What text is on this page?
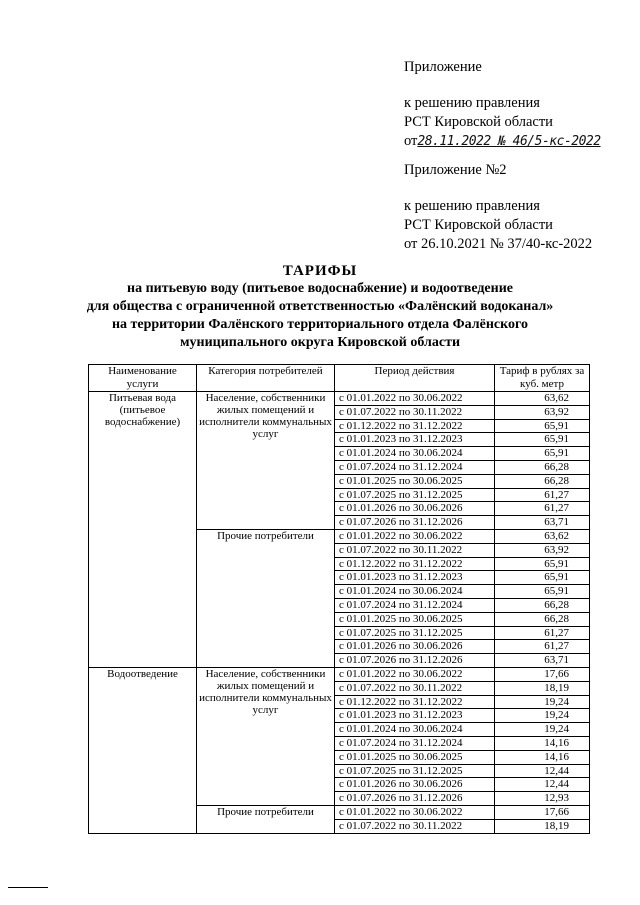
Приложение
к решению правления
РСТ Кировской области
от28.11.2022 № 46/5-кс-2022
Приложение №2
к решению правления
РСТ Кировской области
от 26.10.2021 № 37/40-кс-2022
ТАРИФЫ
на питьевую воду (питьевое водоснабжение) и водоотведение
для общества с ограниченной ответственностью «Фалёнский водоканал»
на территории Фалёнского территориального отдела Фалёнского
муниципального округа Кировской области
Наименование услуги	Категория потребителей	Период действия	Тариф в рублях за куб. метр
Питьевая вода (питьевое водоснабжение)	Население, собственники жилых помещений и исполнители коммунальных услуг	с 01.01.2022 по 30.06.2022	63,62
		с 01.07.2022 по 30.11.2022	63,92
		с 01.12.2022 по 31.12.2022	65,91
		с 01.01.2023 по 31.12.2023	65,91
		с 01.01.2024 по 30.06.2024	65,91
		с 01.07.2024 по 31.12.2024	66,28
		с 01.01.2025 по 30.06.2025	66,28
		с 01.07.2025 по 31.12.2025	61,27
		с 01.01.2026 по 30.06.2026	61,27
		с 01.07.2026 по 31.12.2026	63,71
	Прочие потребители	с 01.01.2022 по 30.06.2022	63,62
		с 01.07.2022 по 30.11.2022	63,92
		с 01.12.2022 по 31.12.2022	65,91
		с 01.01.2023 по 31.12.2023	65,91
		с 01.01.2024 по 30.06.2024	65,91
		с 01.07.2024 по 31.12.2024	66,28
		с 01.01.2025 по 30.06.2025	66,28
		с 01.07.2025 по 31.12.2025	61,27
		с 01.01.2026 по 30.06.2026	61,27
		с 01.07.2026 по 31.12.2026	63,71
Водоотведение	Население, собственники жилых помещений и исполнители коммунальных услуг	с 01.01.2022 по 30.06.2022	17,66
		с 01.07.2022 по 30.11.2022	18,19
		с 01.12.2022 по 31.12.2022	19,24
		с 01.01.2023 по 31.12.2023	19,24
		с 01.01.2024 по 30.06.2024	19,24
		с 01.07.2024 по 31.12.2024	14,16
		с 01.01.2025 по 30.06.2025	14,16
		с 01.07.2025 по 31.12.2025	12,44
		с 01.01.2026 по 30.06.2026	12,44
		с 01.07.2026 по 31.12.2026	12,93
	Прочие потребители	с 01.01.2022 по 30.06.2022	17,66
		с 01.07.2022 по 30.11.2022	18,19
